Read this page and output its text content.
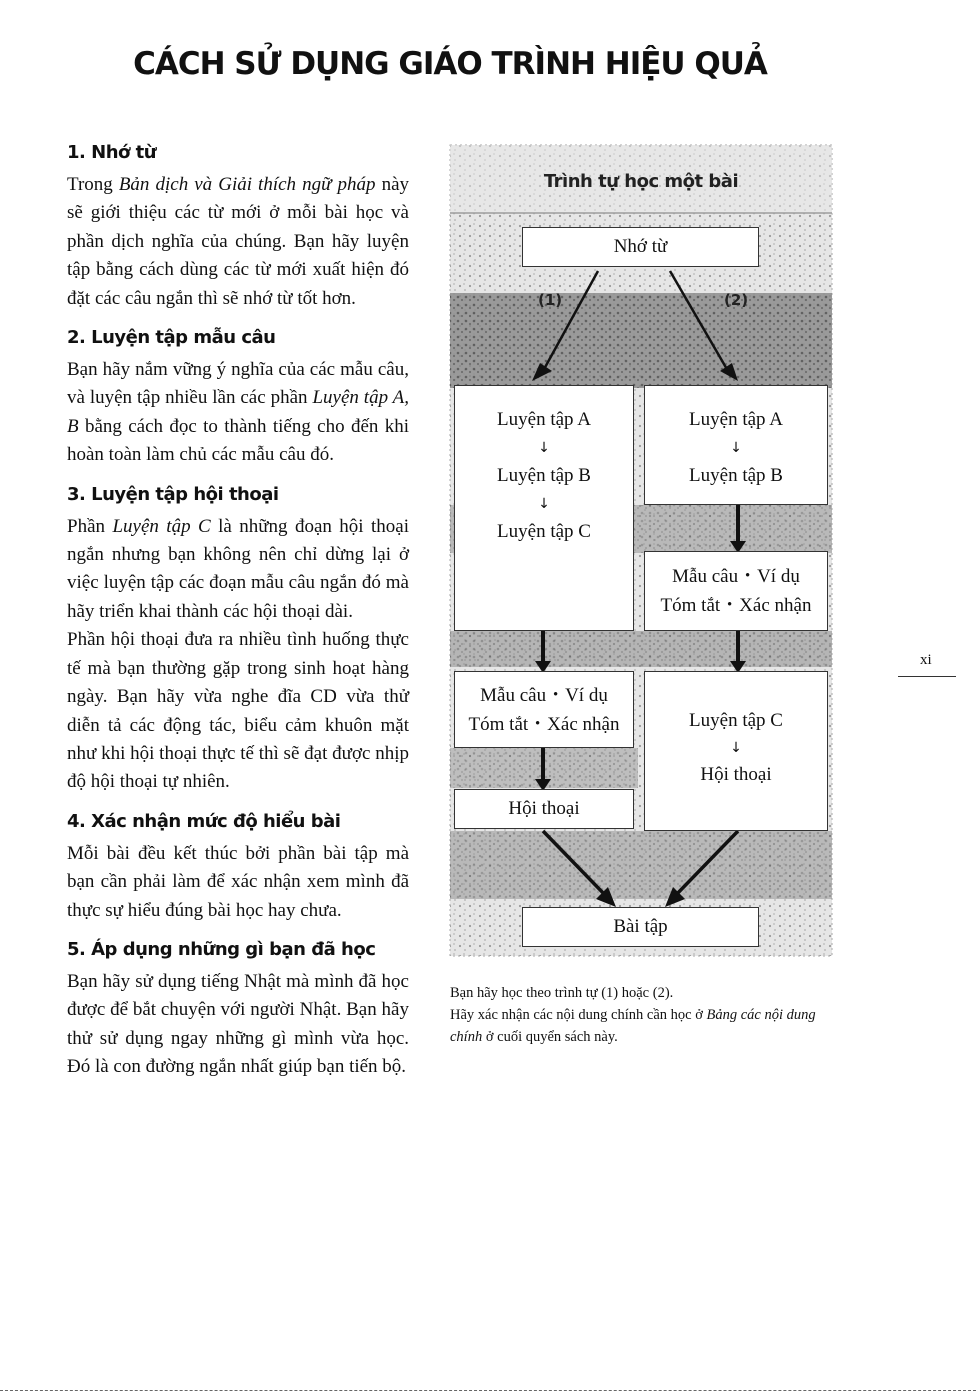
CÁCH SỬ DỤNG GIÁO TRÌNH HIỆU QUẢ
1. Nhớ từ

Trong Bản dịch và Giải thích ngữ pháp này sẽ giới thiệu các từ mới ở mỗi bài học và phần dịch nghĩa của chúng. Bạn hãy luyện tập bằng cách dùng các từ mới xuất hiện đó đặt các câu ngắn thì sẽ nhớ từ tốt hơn.

2. Luyện tập mẫu câu

Bạn hãy nắm vững ý nghĩa của các mẫu câu, và luyện tập nhiều lần các phần Luyện tập A, B bằng cách đọc to thành tiếng cho đến khi hoàn toàn làm chủ các mẫu câu đó.

3. Luyện tập hội thoại

Phần Luyện tập C là những đoạn hội thoại ngắn nhưng bạn không nên chỉ dừng lại ở việc luyện tập các đoạn mẫu câu ngắn đó mà hãy triển khai thành các hội thoại dài.

Phần hội thoại đưa ra nhiều tình huống thực tế mà bạn thường gặp trong sinh hoạt hàng ngày. Bạn hãy vừa nghe đĩa CD vừa thử diễn tả các động tác, biểu cảm khuôn mặt như khi hội thoại thực tế thì sẽ đạt được nhịp độ hội thoại tự nhiên.

4. Xác nhận mức độ hiểu bài

Mỗi bài đều kết thúc bởi phần bài tập mà bạn cần phải làm để xác nhận xem mình đã thực sự hiểu đúng bài học hay chưa.

5. Áp dụng những gì bạn đã học

Bạn hãy sử dụng tiếng Nhật mà mình đã học được để bắt chuyện với người Nhật. Bạn hãy thử sử dụng ngay những gì mình vừa học. Đó là con đường ngắn nhất giúp bạn tiến bộ.

Trình tự học một bài
(1)	(2)
Nhớ từ
Luyện tập A
↓
Luyện tập B
↓
Luyện tập C
Luyện tập A
↓
Luyện tập B
Mẫu câu・Ví dụ
Tóm tắt・Xác nhận
Mẫu câu・Ví dụ
Tóm tắt・Xác nhận	Luyện tập C
↓
Hội thoại
Hội thoại
Bài tập
Bạn hãy học theo trình tự (1) hoặc (2).
Hãy xác nhận các nội dung chính cần học ở Bảng các nội dung chính ở cuối quyển sách này.
xi
